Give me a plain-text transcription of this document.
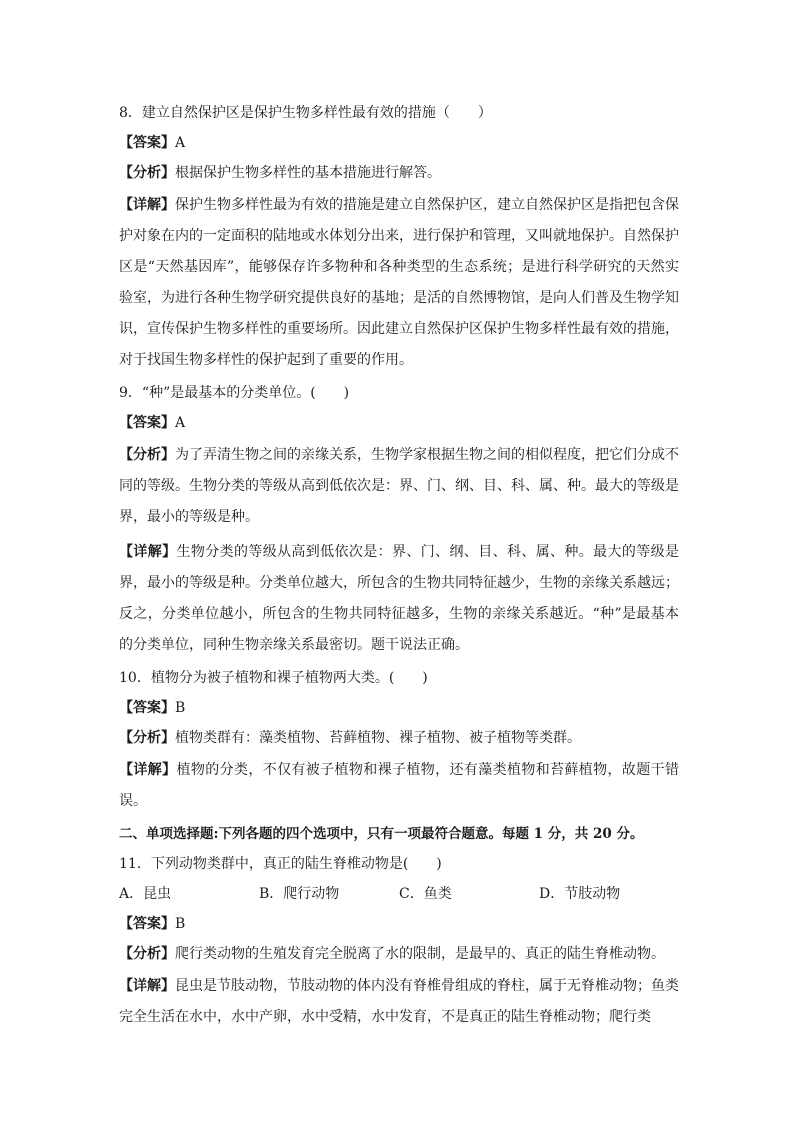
8．建立自然保护区是保护生物多样性最有效的措施（　　）

【答案】A

【分析】根据保护生物多样性的基本措施进行解答。

【详解】保护生物多样性最为有效的措施是建立自然保护区，建立自然保护区是指把包含保护对象在内的一定面积的陆地或水体划分出来，进行保护和管理，又叫就地保护。自然保护区是“天然基因库”，能够保存许多物种和各种类型的生态系统；是进行科学研究的天然实验室，为进行各种生物学研究提供良好的基地；是活的自然博物馆，是向人们普及生物学知识，宣传保护生物多样性的重要场所。因此建立自然保护区保护生物多样性最有效的措施，对于找国生物多样性的保护起到了重要的作用。

9．“种”是最基本的分类单位。(　　)

【答案】A

【分析】为了弄清生物之间的亲缘关系，生物学家根据生物之间的相似程度，把它们分成不同的等级。生物分类的等级从高到低依次是：界、门、纲、目、科、属、种。最大的等级是界，最小的等级是种。

【详解】生物分类的等级从高到低依次是：界、门、纲、目、科、属、种。最大的等级是界，最小的等级是种。分类单位越大，所包含的生物共同特征越少，生物的亲缘关系越远；反之，分类单位越小，所包含的生物共同特征越多，生物的亲缘关系越近。“种”是最基本的分类单位，同种生物亲缘关系最密切。题干说法正确。

10．植物分为被子植物和裸子植物两大类。(　　)

【答案】B

【分析】植物类群有：藻类植物、苔藓植物、裸子植物、被子植物等类群。

【详解】植物的分类，不仅有被子植物和裸子植物，还有藻类植物和苔藓植物，故题干错误。

二、单项选择题:下列各题的四个选项中，只有一项最符合题意。每题 1 分，共 20 分。

11．下列动物类群中，真正的陆生脊椎动物是(　　)

A．昆虫	B．爬行动物	C．鱼类	D．节肢动物

【答案】B

【分析】爬行类动物的生殖发育完全脱离了水的限制，是最早的、真正的陆生脊椎动物。

【详解】昆虫是节肢动物，节肢动物的体内没有脊椎骨组成的脊柱，属于无脊椎动物；鱼类完全生活在水中，水中产卵，水中受精，水中发育，不是真正的陆生脊椎动物；爬行类
